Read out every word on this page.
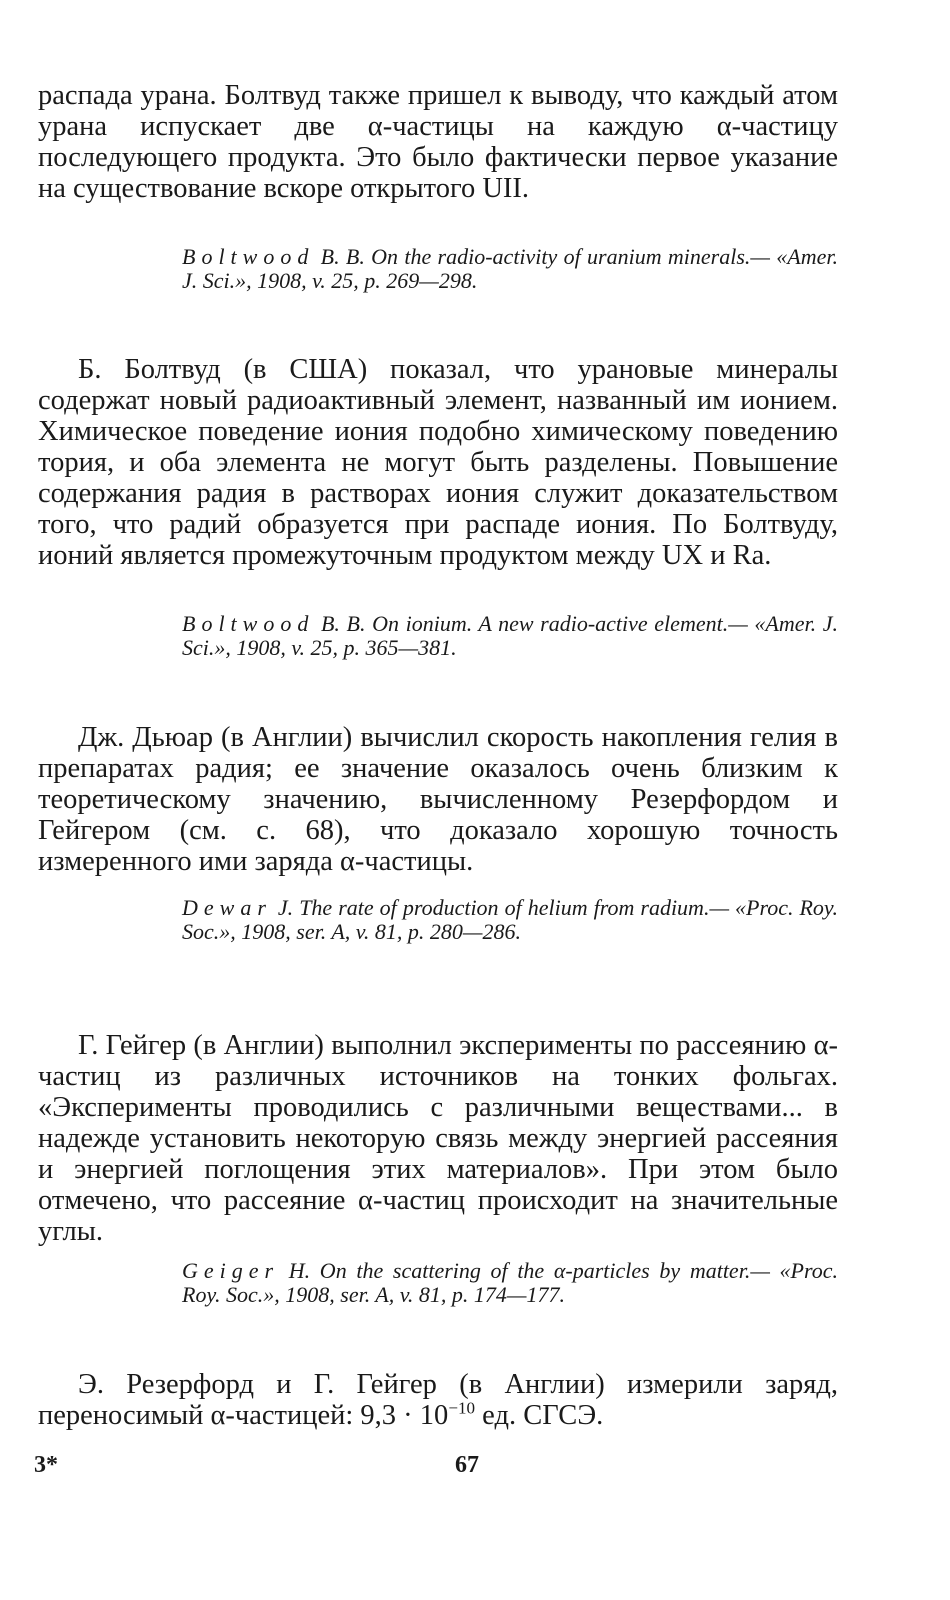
распада урана. Болтвуд также пришел к выводу, что каждый атом урана испускает две α-частицы на каждую α-частицу последующего продукта. Это было фактически первое указание на существование вскоре открытого UII.

Boltwood B. B. On the radio-activity of uranium minerals.— «Amer. J. Sci.», 1908, v. 25, p. 269—298.

Б. Болтвуд (в США) показал, что урановые минералы содержат новый радиоактивный элемент, названный им ионием. Химическое поведение иония подобно химическому поведению тория, и оба элемента не могут быть разделены. Повышение содержания радия в растворах иония служит доказательством того, что радий образуется при распаде иония. По Болтвуду, ионий является промежуточным продуктом между UX и Ra.

Boltwood B. B. On ionium. A new radio-active element.— «Amer. J. Sci.», 1908, v. 25, p. 365—381.

Дж. Дьюар (в Англии) вычислил скорость накопления гелия в препаратах радия; ее значение оказалось очень близким к теоретическому значению, вычисленному Резерфордом и Гейгером (см. с. 68), что доказало хорошую точность измеренного ими заряда α-частицы.

Dewar J. The rate of production of helium from radium.— «Proc. Roy. Soc.», 1908, ser. A, v. 81, p. 280—286.

Г. Гейгер (в Англии) выполнил эксперименты по рассеянию α-частиц из различных источников на тонких фольгах. «Эксперименты проводились с различными веществами... в надежде установить некоторую связь между энергией рассеяния и энергией поглощения этих материалов». При этом было отмечено, что рассеяние α-частиц происходит на значительные углы.

Geiger H. On the scattering of the α-particles by matter.— «Proc. Roy. Soc.», 1908, ser. A, v. 81, p. 174—177.

Э. Резерфорд и Г. Гейгер (в Англии) измерили заряд, переносимый α-частицей: $9,3 \cdot 10^{-10}$ ед. СГСЭ.

3*	67
